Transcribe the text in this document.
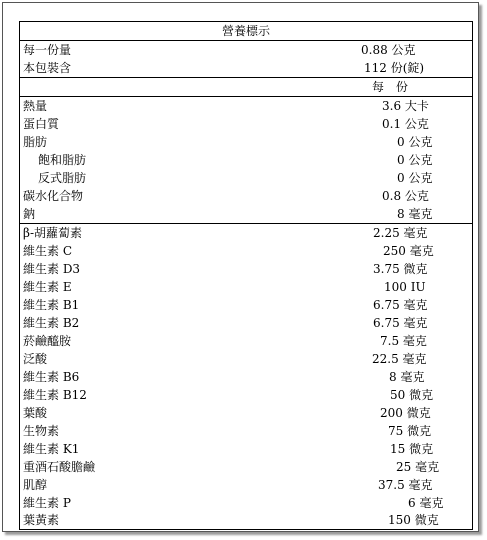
營養標示
每一份量	0.88 公克
本包裝含	112 份(錠)
每 份
熱量	3.6 大卡
蛋白質	0.1 公克
脂肪	0 公克
飽和脂肪	0 公克
反式脂肪	0 公克
碳水化合物	0.8 公克
鈉	8 毫克
β-胡蘿蔔素	2.25 毫克
維生素 C	250 毫克
維生素 D3	3.75 微克
維生素 E	100 IU
維生素 B1	6.75 毫克
維生素 B2	6.75 毫克
菸鹼醯胺	7.5 毫克
泛酸	22.5 毫克
維生素 B6	8 毫克
維生素 B12	50 微克
葉酸	200 微克
生物素	75 微克
維生素 K1	15 微克
重酒石酸膽鹼	25 毫克
肌醇	37.5 毫克
維生素 P	6 毫克
葉黃素	150 微克
